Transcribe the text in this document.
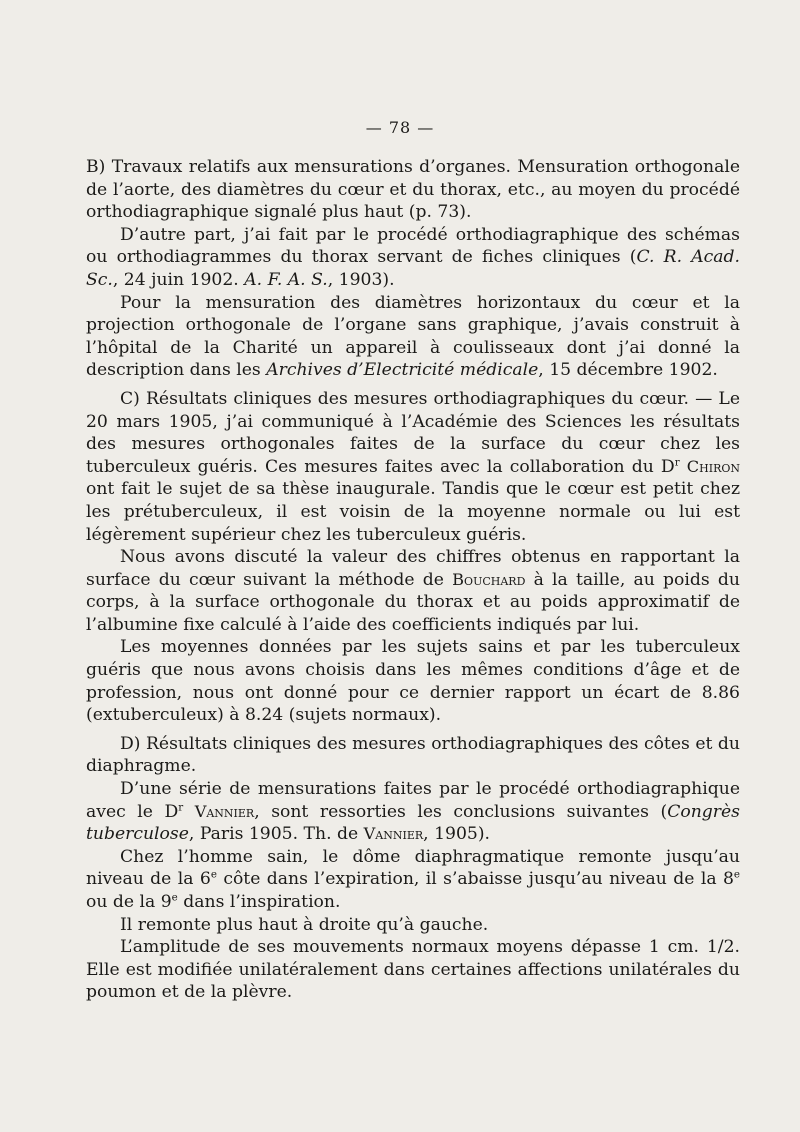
— 78 —

B) Travaux relatifs aux mensurations d’organes. Mensuration orthogonale de l’aorte, des diamètres du cœur et du thorax, etc., au moyen du procédé orthodiagraphique signalé plus haut (p. 73).

D’autre part, j’ai fait par le procédé orthodiagraphique des schémas ou orthodiagrammes du thorax servant de fiches cliniques (C. R. Acad. Sc., 24 juin 1902. A. F. A. S., 1903).

Pour la mensuration des diamètres horizontaux du cœur et la projection orthogonale de l’organe sans graphique, j’avais construit à l’hôpital de la Charité un appareil à coulisseaux dont j’ai donné la description dans les Archives d’Electricité médicale, 15 décembre 1902.

C) Résultats cliniques des mesures orthodiagraphiques du cœur. — Le 20 mars 1905, j’ai communiqué à l’Académie des Sciences les résultats des mesures orthogonales faites de la surface du cœur chez les tuberculeux guéris. Ces mesures faites avec la collaboration du $D^r$ Chiron ont fait le sujet de sa thèse inaugurale. Tandis que le cœur est petit chez les prétuberculeux, il est voisin de la moyenne normale ou lui est légèrement supérieur chez les tuberculeux guéris.

Nous avons discuté la valeur des chiffres obtenus en rapportant la surface du cœur suivant la méthode de Bouchard à la taille, au poids du corps, à la surface orthogonale du thorax et au poids approximatif de l’albumine fixe calculé à l’aide des coefficients indiqués par lui.

Les moyennes données par les sujets sains et par les tuberculeux guéris que nous avons choisis dans les mêmes conditions d’âge et de profession, nous ont donné pour ce dernier rapport un écart de 8.86 (extuberculeux) à 8.24 (sujets normaux).

D) Résultats cliniques des mesures orthodiagraphiques des côtes et du diaphragme.

D’une série de mensurations faites par le procédé orthodiagraphique avec le $D^r$ Vannier, sont ressorties les conclusions suivantes (Congrès tuberculose, Paris 1905. Th. de Vannier, 1905).

Chez l’homme sain, le dôme diaphragmatique remonte jusqu’au niveau de la 6e côte dans l’expiration, il s’abaisse jusqu’au niveau de la 8e ou de la 9e dans l’inspiration.

Il remonte plus haut à droite qu’à gauche.

L’amplitude de ses mouvements normaux moyens dépasse 1 cm. 1/2. Elle est modifiée unilatéralement dans certaines affections unilatérales du poumon et de la plèvre.
